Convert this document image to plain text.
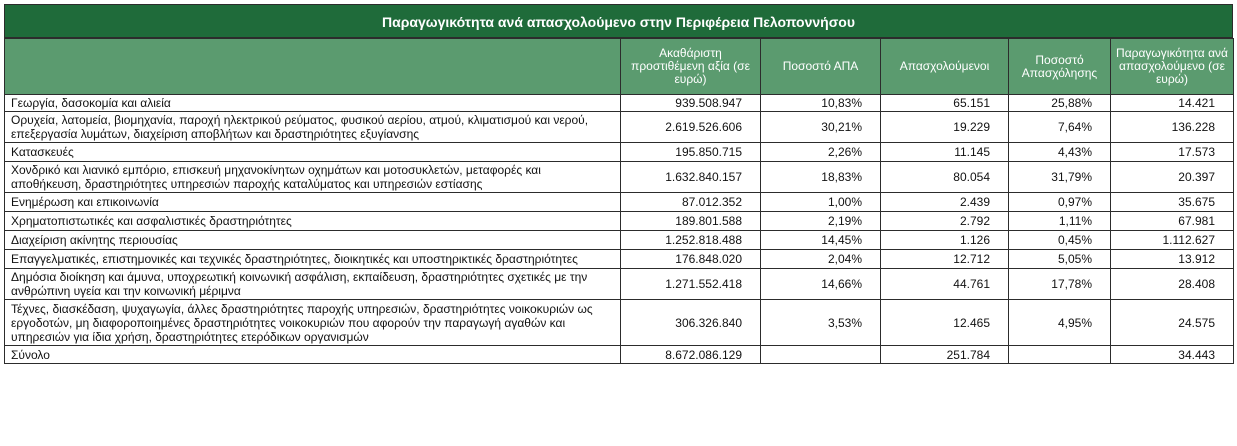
Παραγωγικότητα ανά απασχολούμενο στην Περιφέρεια Πελοποννήσου
	Ακαθάριστη προστιθέμενη αξία (σε ευρώ)	Ποσοστό ΑΠΑ	Απασχολούμενοι	Ποσοστό Απασχόλησης	Παραγωγικότητα ανά απασχολούμενο (σε ευρώ)
Γεωργία, δασοκομία και αλιεία	939.508.947	10,83%	65.151	25,88%	14.421
Ορυχεία, λατομεία, βιομηχανία, παροχή ηλεκτρικού ρεύματος, φυσικού αερίου, ατμού, κλιματισμού και νερού, επεξεργασία λυμάτων, διαχείριση αποβλήτων και δραστηριότητες εξυγίανσης	2.619.526.606	30,21%	19.229	7,64%	136.228
Κατασκευές	195.850.715	2,26%	11.145	4,43%	17.573
Χονδρικό και λιανικό εμπόριο, επισκευή μηχανοκίνητων οχημάτων και μοτοσυκλετών, μεταφορές και αποθήκευση, δραστηριότητες υπηρεσιών παροχής καταλύματος και υπηρεσιών εστίασης	1.632.840.157	18,83%	80.054	31,79%	20.397
Ενημέρωση και επικοινωνία	87.012.352	1,00%	2.439	0,97%	35.675
Χρηματοπιστωτικές και ασφαλιστικές δραστηριότητες	189.801.588	2,19%	2.792	1,11%	67.981
Διαχείριση ακίνητης περιουσίας	1.252.818.488	14,45%	1.126	0,45%	1.112.627
Επαγγελματικές, επιστημονικές και τεχνικές δραστηριότητες, διοικητικές και υποστηρικτικές δραστηριότητες	176.848.020	2,04%	12.712	5,05%	13.912
Δημόσια διοίκηση και άμυνα, υποχρεωτική κοινωνική ασφάλιση, εκπαίδευση, δραστηριότητες σχετικές με την ανθρώπινη υγεία και την κοινωνική μέριμνα	1.271.552.418	14,66%	44.761	17,78%	28.408
Τέχνες, διασκέδαση, ψυχαγωγία, άλλες δραστηριότητες παροχής υπηρεσιών, δραστηριότητες νοικοκυριών ως εργοδοτών, μη διαφοροποιημένες δραστηριότητες νοικοκυριών που αφορούν την παραγωγή αγαθών και υπηρεσιών για ίδια χρήση, δραστηριότητες ετερόδικων οργανισμών	306.326.840	3,53%	12.465	4,95%	24.575
Σύνολο	8.672.086.129		251.784		34.443
